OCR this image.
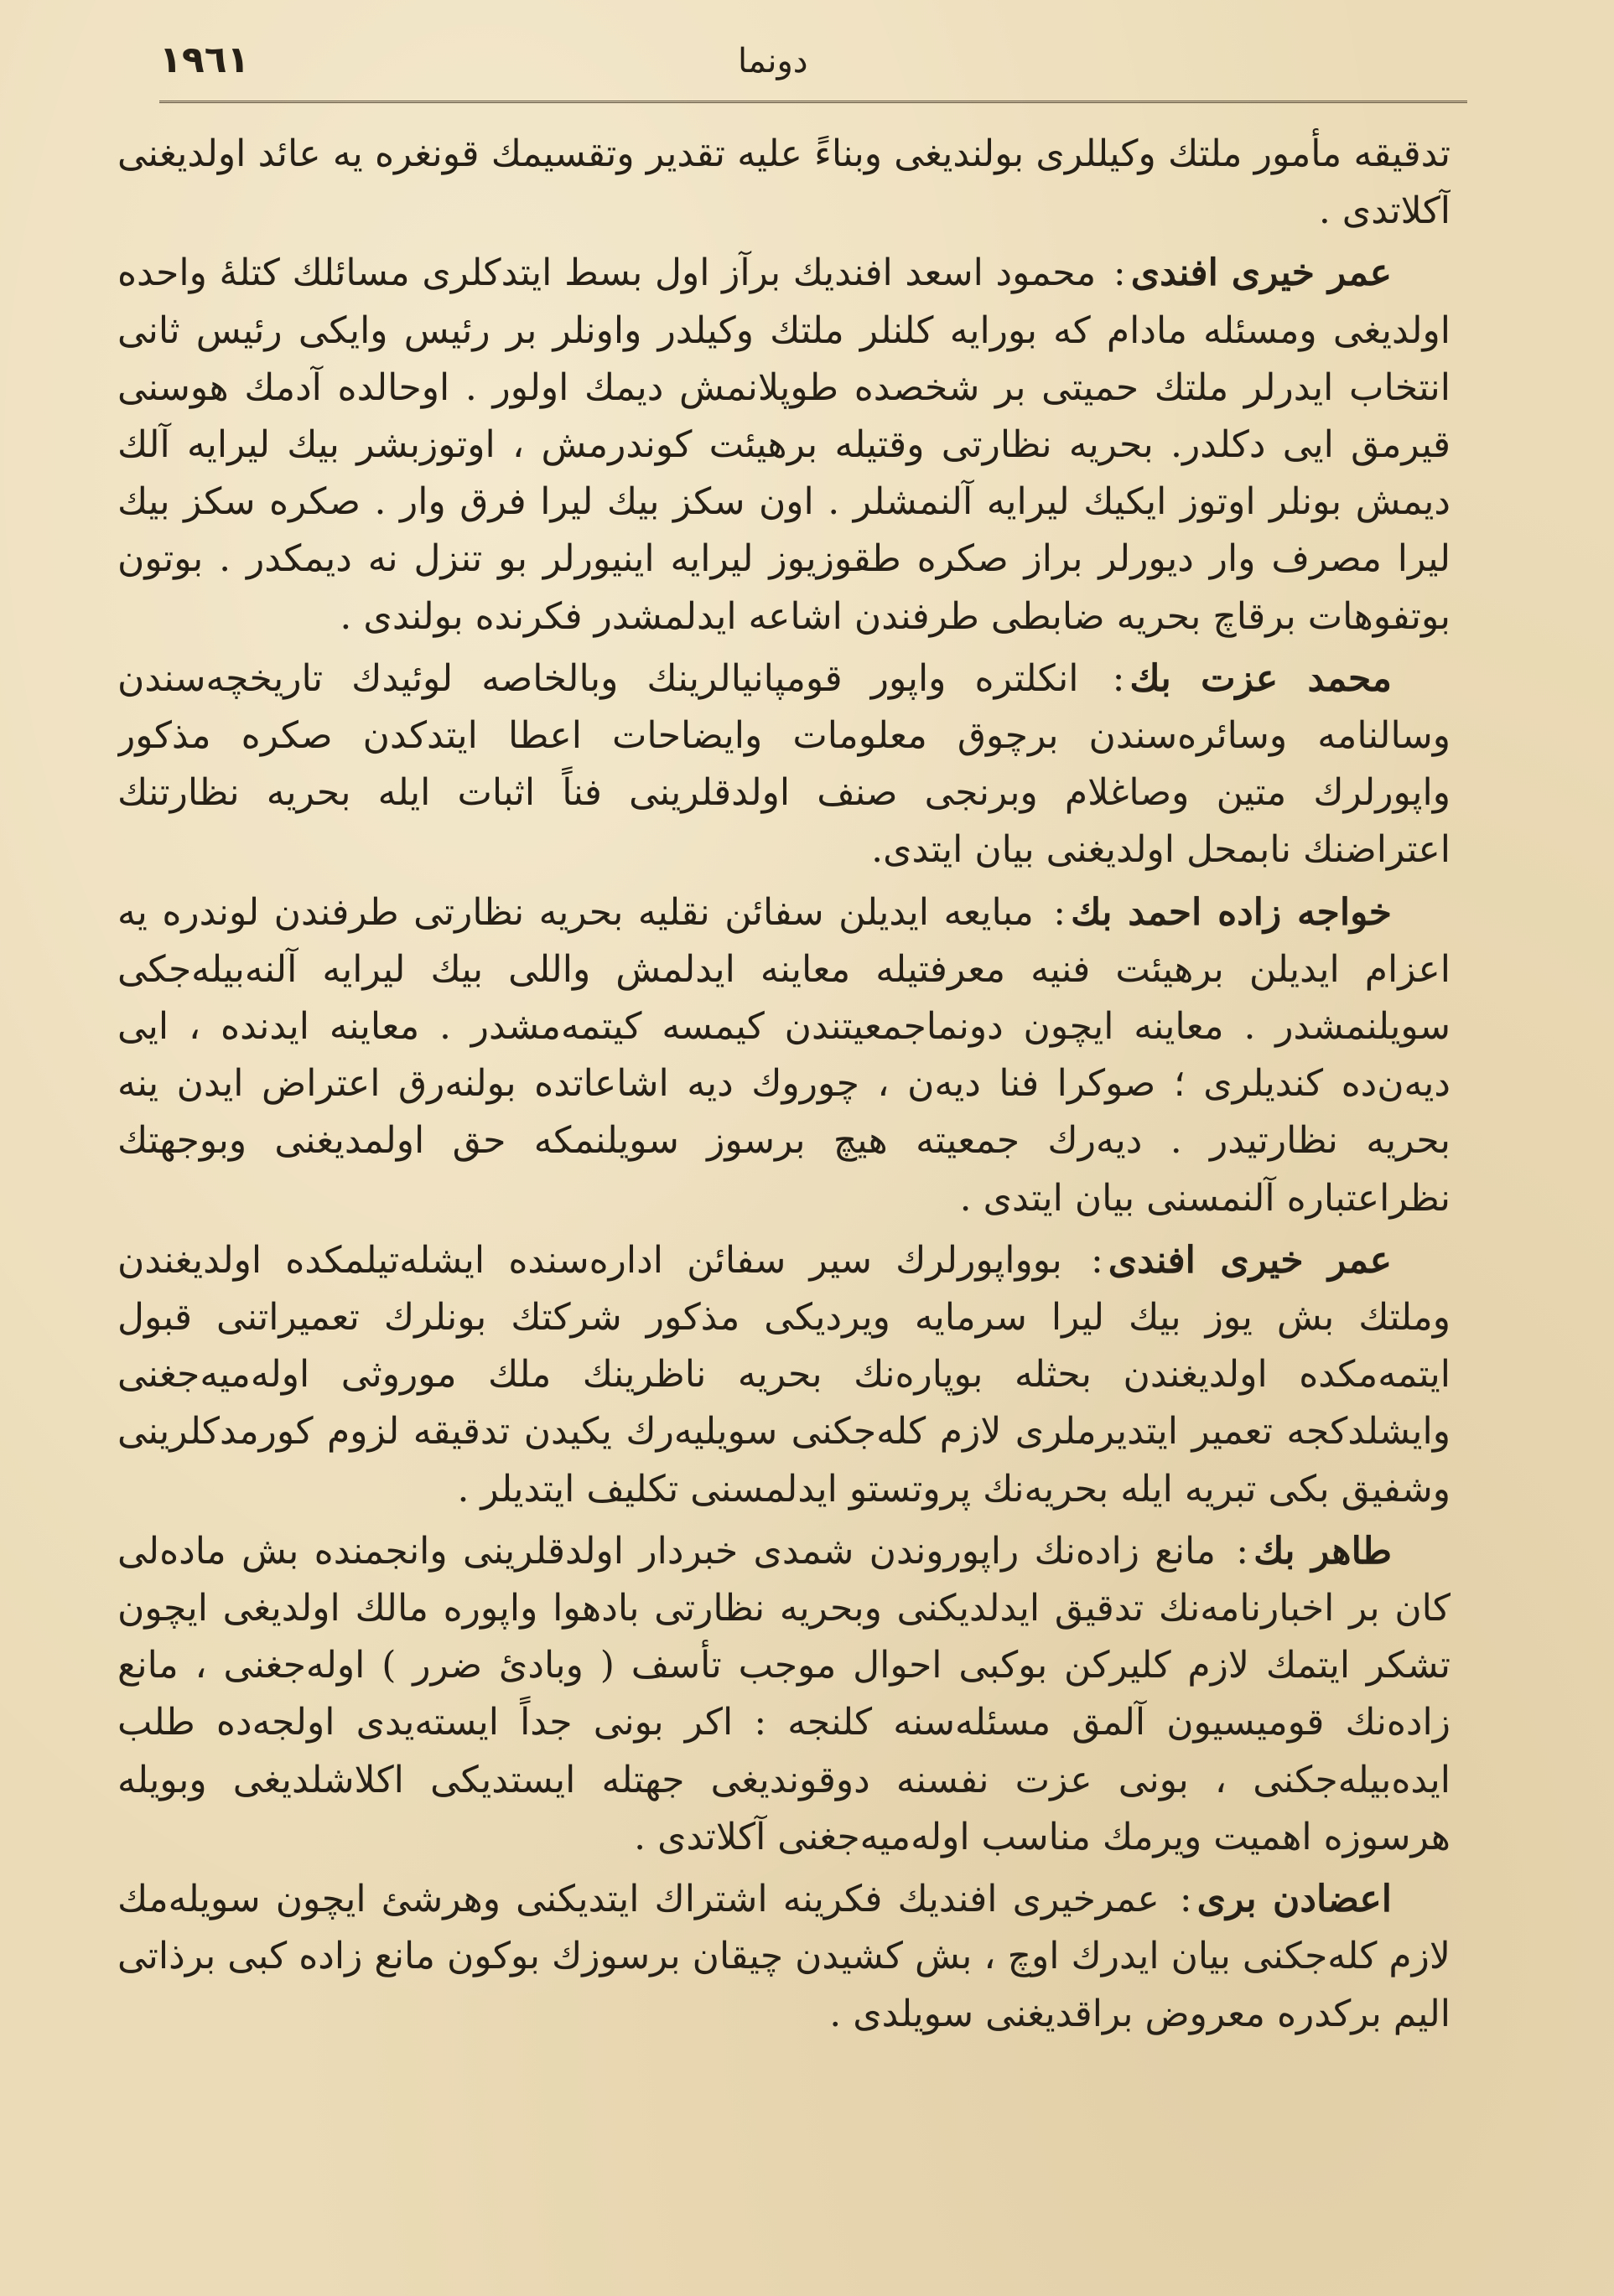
١٩٦١	دونما

تدقيقه مأمور ملتك وكيللری بولنديغی وبناءً عليه تقدير وتقسيمك قونغره يه عائد اولديغنی آكلاتدی .

عمر خيری افندی: محمود اسعد افنديك برآز اول بسط ايتدكلری مسائلك كتلهٔ واحده اولديغی ومسئله مادام كه بورايه كلنلر ملتك وكيلدر واونلر بر رئيس وايكی رئيس ثانی انتخاب ايدرلر ملتك حميتی بر شخصده طوپلانمش ديمك اولور . اوحالده آدمك هوسنی قيرمق ايی دكلدر. بحريه نظارتی وقتيله برهيئت كوندرمش ، اوتوزبشر بيك ليرايه آلك ديمش بونلر اوتوز ايكيك ليرايه آلنمشلر . اون سكز بيك ليرا فرق وار . صكره سكز بيك ليرا مصرف وار ديورلر براز صكره طقوزيوز ليرايه اينيورلر بو تنزل نه ديمكدر . بوتون بوتفوهات برقاچ بحريه ضابطی طرفندن اشاعه ايدلمشدر فكرنده بولندی .

محمد عزت بك: انكلتره واپور قومپانيالرينك وبالخاصه لوئيدك تاريخچه‌سندن وسالنامه وسائره‌سندن برچوق معلومات وايضاحات اعطا ايتدكدن صكره مذكور واپورلرك متين وصاغلام وبرنجی صنف اولدقلرينی فناً اثبات ايله بحريه نظارتنك اعتراضنك نابمحل اولديغنی بيان ايتدی.

خواجه زاده احمد بك: مبايعه ايديلن سفائن نقليه بحريه نظارتی طرفندن لوندره يه اعزام ايديلن برهيئت فنيه معرفتيله معاينه ايدلمش واللی بيك ليرايه آلنه‌بيله‌جكی سويلنمشدر . معاينه ايچون دونماجمعيتندن كيمسه كيتمه‌مشدر . معاينه ايدنده ، ايی ديه‌ن‌ده كنديلری ؛ صوكرا فنا ديه‌ن ، چوروك ديه اشاعاتده بولنه‌رق اعتراض ايدن ينه بحريه نظارتيدر . ديه‌رك جمعيته هيچ برسوز سويلنمكه حق اولمديغنی وبوجهتك نظراعتباره آلنمسنی بيان ايتدی .

عمر خيری افندی: بوواپورلرك سير سفائن اداره‌سنده ايشله‌تيلمكده اولديغندن وملتك بش يوز بيك ليرا سرمايه ويرديكی مذكور شركتك بونلرك تعميراتنی قبول ايتمه‌مكده اولديغندن بحثله بوپاره‌نك بحريه ناظرينك ملك موروثی اوله‌ميه‌جغنی وايشلدكجه تعمير ايتديرملری لازم كله‌جكنی سويليه‌رك يكيدن تدقيقه لزوم كورمدكلرينی وشفيق بكی تبريه ايله بحريه‌نك پروتستو ايدلمسنی تكليف ايتديلر .

طاهر بك: مانع زاده‌نك راپوروندن شمدی خبردار اولدقلرينی وانجمنده بش ماده‌لی كان بر اخبارنامه‌نك تدقيق ايدلديكنی وبحريه نظارتی بادهوا واپوره مالك اولديغی ايچون تشكر ايتمك لازم كليركن بوكبی احوال موجب تأسف ( وبادئ ضرر ) اوله‌جغنی ، مانع زاده‌نك قوميسيون آلمق مسئله‌سنه كلنجه : اكر بونی جداً ايسته‌يدی اولجه‌ده طلب ايده‌بيله‌جكنی ، بونی عزت نفسنه دوقونديغی جهتله ايستديكی اكلاشلديغی وبويله هرسوزه اهميت ويرمك مناسب اوله‌ميه‌جغنی آكلاتدی .

اعضادن بری: عمرخيری افنديك فكرينه اشتراك ايتديكنی وهرشئ ايچون سويله‌مك لازم كله‌جكنی بيان ايدرك اوچ ، بش كشيدن چيقان برسوزك بوكون مانع زاده كبی برذاتی اليم بركدره معروض براقديغنی سويلدی .
